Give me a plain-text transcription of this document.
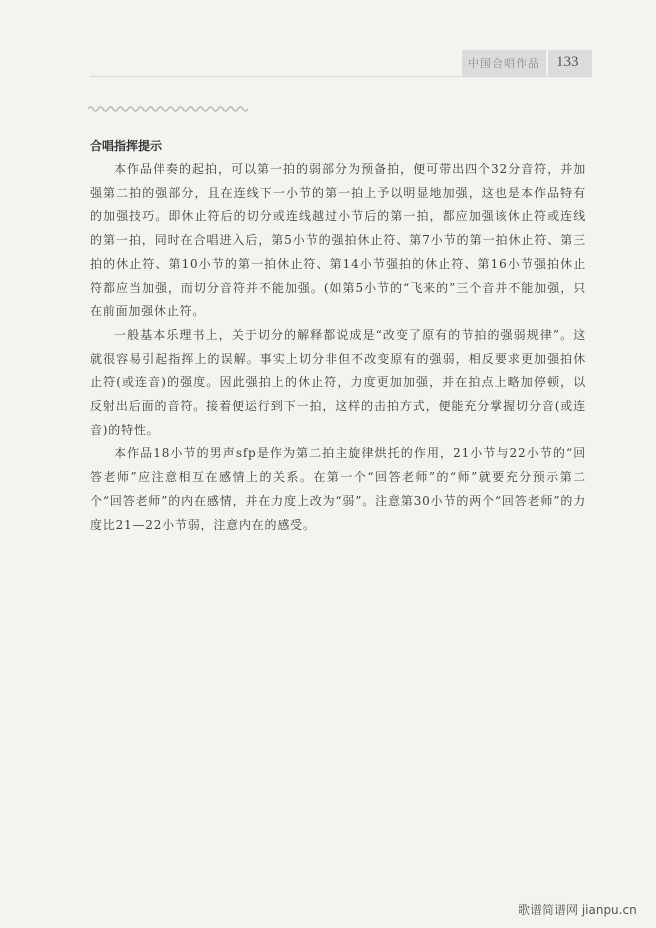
中国合唱作品 133
合唱指挥提示

本作品伴奏的起拍，可以第一拍的弱部分为预备拍，便可带出四个32分音符，并加强第二拍的强部分，且在连线下一小节的第一拍上予以明显地加强，这也是本作品特有的加强技巧。即休止符后的切分或连线越过小节后的第一拍，都应加强该休止符或连线的第一拍，同时在合唱进入后，第5小节的强拍休止符、第7小节的第一拍休止符、第三拍的休止符、第10小节的第一拍休止符、第14小节强拍的休止符、第16小节强拍休止符都应当加强，而切分音符并不能加强。(如第5小节的“飞来的”三个音并不能加强，只在前面加强休止符。

一般基本乐理书上，关于切分的解释都说成是“改变了原有的节拍的强弱规律”。这就很容易引起指挥上的误解。事实上切分非但不改变原有的强弱，相反要求更加强拍休止符(或连音)的强度。因此强拍上的休止符，力度更加加强，并在拍点上略加停顿，以反射出后面的音符。接着便运行到下一拍，这样的击拍方式，便能充分掌握切分音(或连音)的特性。

本作品18小节的男声sfp是作为第二拍主旋律烘托的作用，21小节与22小节的“回答老师”应注意相互在感情上的关系。在第一个“回答老师”的“师”就要充分预示第二个“回答老师”的内在感情，并在力度上改为“弱”。注意第30小节的两个“回答老师”的力度比21—22小节弱，注意内在的感受。

歌谱简谱网 jianpu.cn
